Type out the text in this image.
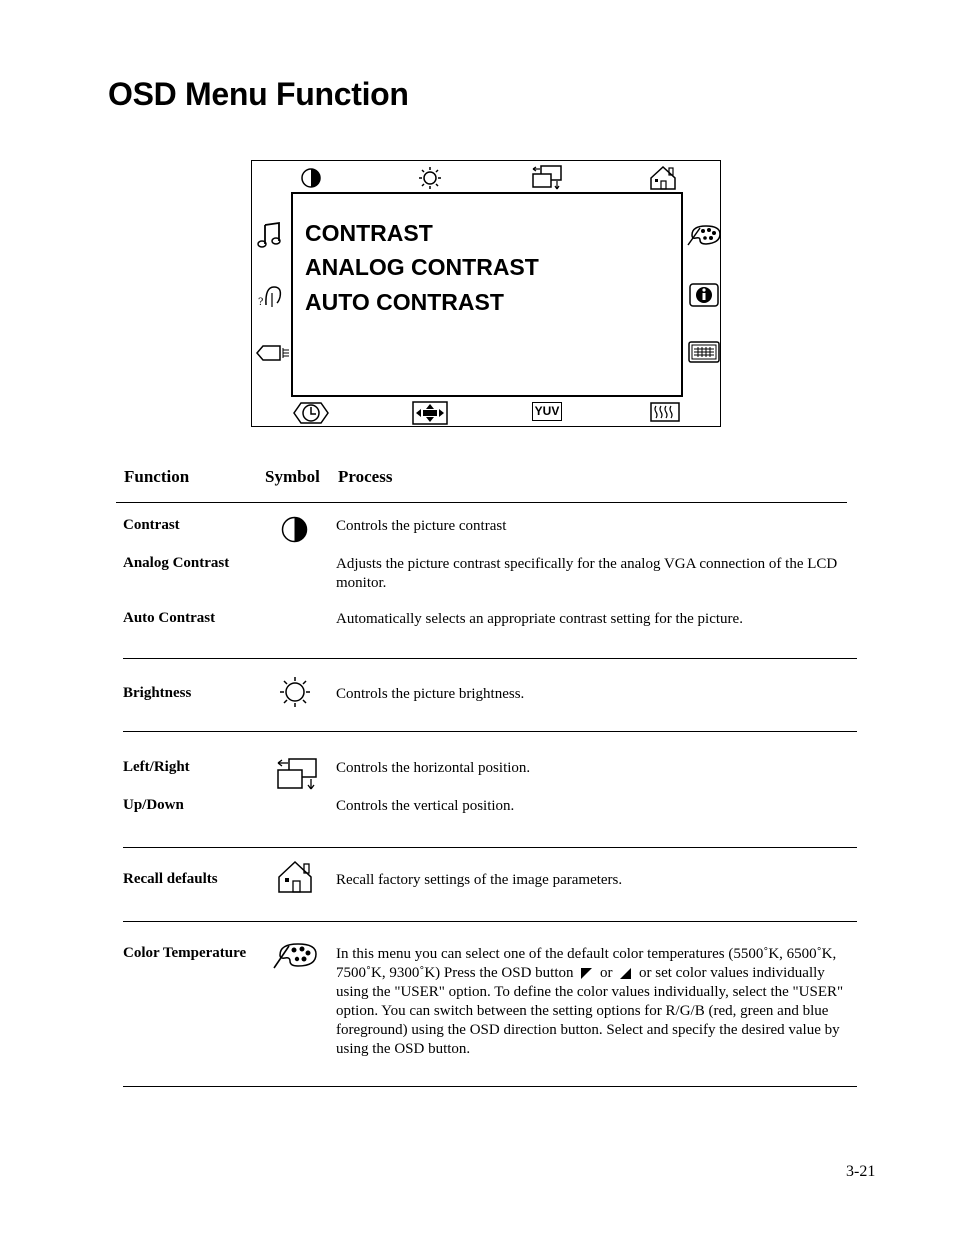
OSD Menu Function
?
YUV
CONTRAST
ANALOG CONTRAST
AUTO CONTRAST
Function	Symbol Process
Contrast	Controls the picture contrast
Analog Contrast	Adjusts the picture contrast specifically for the analog VGA connection of the LCD monitor.
Auto Contrast	Automatically selects an appropriate contrast setting for the picture.
Brightness	Controls the picture brightness.
Left/Right	Controls the horizontal position.
Up/Down	Controls the vertical position.
Recall defaults	Recall factory settings of the image parameters.
Color Temperature	In this menu you can select one of the default color temperatures (5500˚K, 6500˚K, 7500˚K, 9300˚K) Press the OSD button or or set color values individually using the "USER" option. To define the color values individually, select the "USER" option. You can switch between the setting options for R/G/B (red, green and blue foreground) using the OSD direction button. Select and specify the desired value by using the OSD button.
3-21
